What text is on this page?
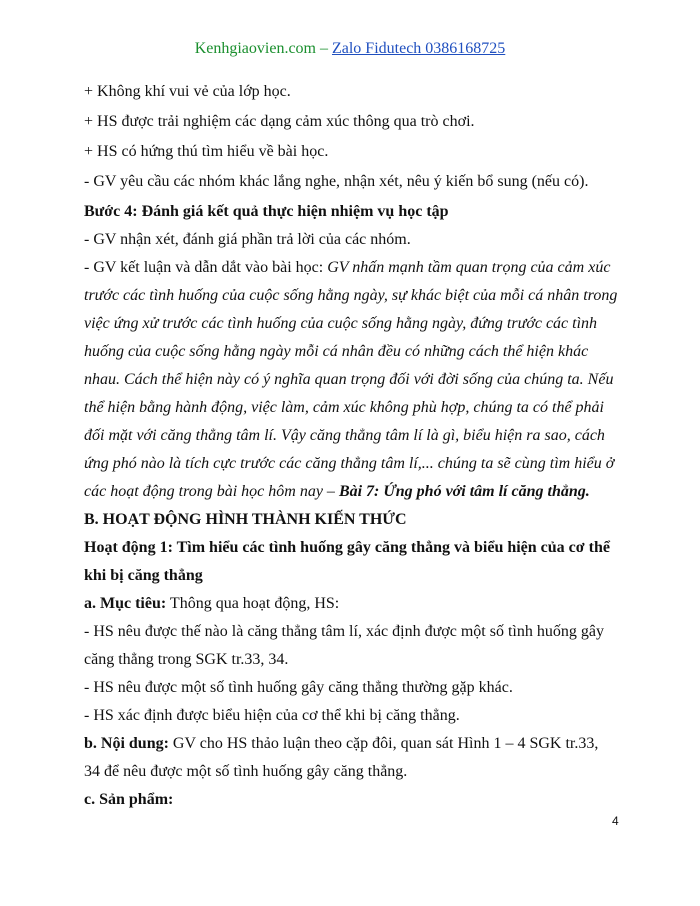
Kenhgiaovien.com – Zalo Fidutech 0386168725
+ Không khí vui vẻ của lớp học.
+ HS được trải nghiệm các dạng cảm xúc thông qua trò chơi.
+ HS có hứng thú tìm hiểu về bài học.
- GV yêu cầu các nhóm khác lắng nghe, nhận xét, nêu ý kiến bổ sung (nếu có).
Bước 4: Đánh giá kết quả thực hiện nhiệm vụ học tập
- GV nhận xét, đánh giá phần trả lời của các nhóm.
- GV kết luận và dẫn dắt vào bài học: GV nhấn mạnh tầm quan trọng của cảm xúc
trước các tình huống của cuộc sống hằng ngày, sự khác biệt của mỗi cá nhân trong
việc ứng xử trước các tình huống của cuộc sống hằng ngày, đứng trước các tình
huống của cuộc sống hằng ngày mỗi cá nhân đều có những cách thể hiện khác
nhau. Cách thể hiện này có ý nghĩa quan trọng đối với đời sống của chúng ta. Nếu
thể hiện bằng hành động, việc làm, cảm xúc không phù hợp, chúng ta có thể phải
đối mặt với căng thẳng tâm lí. Vậy căng thẳng tâm lí là gì, biểu hiện ra sao, cách
ứng phó nào là tích cực trước các căng thẳng tâm lí,... chúng ta sẽ cùng tìm hiểu ở
các hoạt động trong bài học hôm nay – Bài 7: Ứng phó với tâm lí căng thẳng.
B. HOẠT ĐỘNG HÌNH THÀNH KIẾN THỨC
Hoạt động 1: Tìm hiểu các tình huống gây căng thẳng và biểu hiện của cơ thể
khi bị căng thẳng
a. Mục tiêu: Thông qua hoạt động, HS:
- HS nêu được thế nào là căng thẳng tâm lí, xác định được một số tình huống gây
căng thẳng trong SGK tr.33, 34.
- HS nêu được một số tình huống gây căng thẳng thường gặp khác.
- HS xác định được biểu hiện của cơ thể khi bị căng thẳng.
b. Nội dung: GV cho HS thảo luận theo cặp đôi, quan sát Hình 1 – 4 SGK tr.33,
34 để nêu được một số tình huống gây căng thẳng.
c. Sản phẩm:
4
